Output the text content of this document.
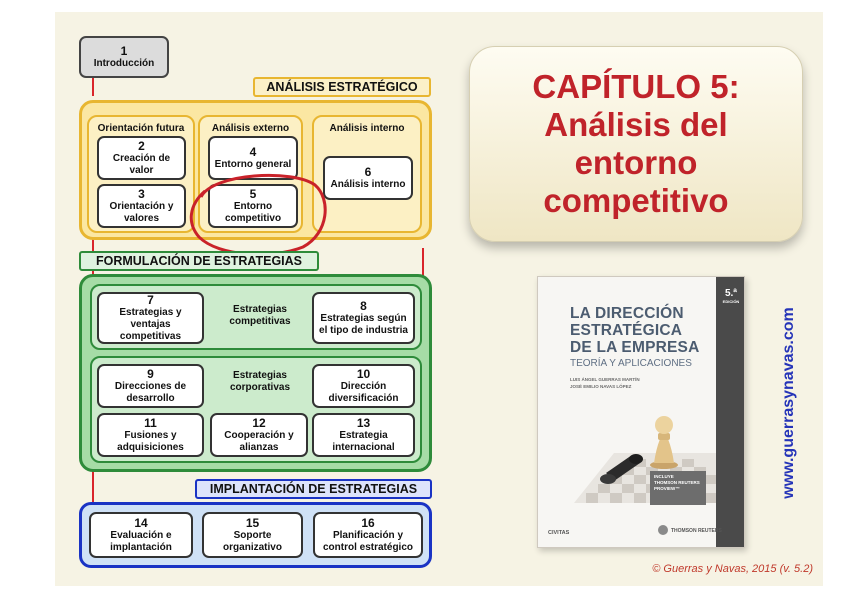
1
Introducción
ANÁLISIS ESTRATÉGICO
Orientación futura	Análisis externo	Análisis interno
2
Creación de valor
3
Orientación y valores
4
Entorno general
5
Entorno competitivo
6
Análisis interno
FORMULACIÓN DE ESTRATEGIAS
7
Estrategias y ventajas competitivas
Estrategias competitivas
8
Estrategias según el tipo de industria
9
Direcciones de desarrollo
Estrategias corporativas
10
Dirección diversificación
11
Fusiones y adquisiciones
12
Cooperación y alianzas
13
Estrategia internacional
IMPLANTACIÓN DE ESTRATEGIAS
14
Evaluación e implantación
15
Soporte organizativo
16
Planificación y control estratégico
CAPÍTULO 5:
Análisis del
entorno
competitivo
5.ª
EDICIÓN
LA DIRECCIÓN
ESTRATÉGICA
DE LA EMPRESA
TEORÍA Y APLICACIONES
LUIS ÁNGEL GUERRAS MARTÍN
JOSÉ EMILIO NAVAS LÓPEZ
INCLUYE
THOMSON REUTERS
PROVIEW™
CIVITAS	THOMSON REUTERS
www.guerrasynavas.com
© Guerras y Navas, 2015 (v. 5.2)
